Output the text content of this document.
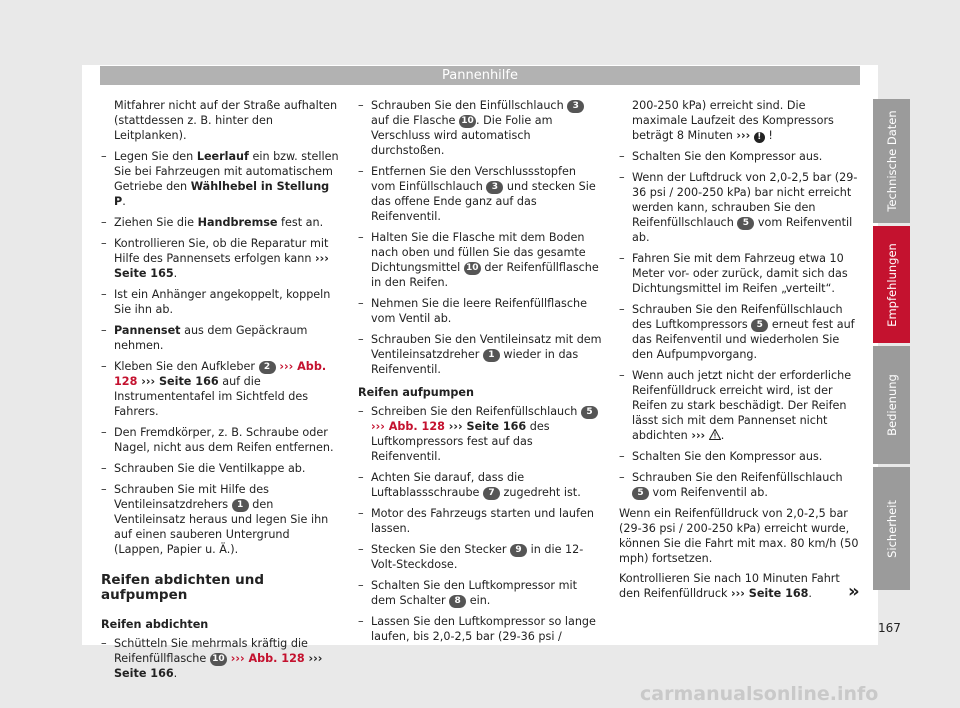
Pannenhilfe
Mitfahrer nicht auf der Straße aufhalten (stattdessen z. B. hinter den Leitplanken).
– Legen Sie den Leerlauf ein bzw. stellen Sie bei Fahrzeugen mit automatischem Getriebe den Wählhebel in Stellung P.
– Ziehen Sie die Handbremse fest an.
– Kontrollieren Sie, ob die Reparatur mit Hilfe des Pannensets erfolgen kann ››› Seite 165.
– Ist ein Anhänger angekoppelt, koppeln Sie ihn ab.
– Pannenset aus dem Gepäckraum nehmen.
– Kleben Sie den Aufkleber 2 ››› Abb. 128 ››› Seite 166 auf die Instrumententafel im Sichtfeld des Fahrers.
– Den Fremdkörper, z. B. Schraube oder Nagel, nicht aus dem Reifen entfernen.
– Schrauben Sie die Ventilkappe ab.
– Schrauben Sie mit Hilfe des Ventileinsatzdrehers 1 den Ventileinsatz heraus und legen Sie ihn auf einen sauberen Untergrund (Lappen, Papier u. Ä.).
Reifen abdichten und aufpumpen
Reifen abdichten
– Schütteln Sie mehrmals kräftig die Reifenfüllflasche 10 ››› Abb. 128 ››› Seite 166.
– Schrauben Sie den Einfüllschlauch 3 auf die Flasche 10 . Die Folie am Verschluss wird automatisch durchstoßen.
– Entfernen Sie den Verschlussstopfen vom Einfüllschlauch 3 und stecken Sie das offene Ende ganz auf das Reifenventil.
– Halten Sie die Flasche mit dem Boden nach oben und füllen Sie das gesamte Dichtungsmittel 10 der Reifenfüllflasche in den Reifen.
– Nehmen Sie die leere Reifenfüllflasche vom Ventil ab.
– Schrauben Sie den Ventileinsatz mit dem Ventileinsatzdreher 1 wieder in das Reifenventil.
Reifen aufpumpen
– Schreiben Sie den Reifenfüllschlauch 5
››› Abb. 128 ››› Seite 166 des Luftkompressors fest auf das Reifenventil.
– Achten Sie darauf, dass die Luftablassschraube 7 zugedreht ist.
– Motor des Fahrzeugs starten und laufen lassen.
– Stecken Sie den Stecker 9 in die 12-Volt-Steckdose.
– Schalten Sie den Luftkompressor mit dem Schalter 8 ein.
– Lassen Sie den Luftkompressor so lange laufen, bis 2,0-2,5 bar (29-36 psi /
200-250 kPa) erreicht sind. Die maximale Laufzeit des Kompressors beträgt 8 Minuten ››› ! !
– Schalten Sie den Kompressor aus.
– Wenn der Luftdruck von 2,0-2,5 bar (29-36 psi / 200-250 kPa) bar nicht erreicht werden kann, schrauben Sie den Reifenfüllschlauch 5 vom Reifenventil ab.
– Fahren Sie mit dem Fahrzeug etwa 10 Meter vor- oder zurück, damit sich das Dichtungsmittel im Reifen „verteilt“.
– Schrauben Sie den Reifenfüllschlauch des Luftkompressors 5 erneut fest auf das Reifenventil und wiederholen Sie den Aufpumpvorgang.
– Wenn auch jetzt nicht der erforderliche Reifenfülldruck erreicht wird, ist der Reifen zu stark beschädigt. Der Reifen lässt sich mit dem Pannenset nicht abdichten ››› .
– Schalten Sie den Kompressor aus.
– Schrauben Sie den Reifenfüllschlauch 5 vom Reifenventil ab.
Wenn ein Reifenfülldruck von 2,0-2,5 bar (29-36 psi / 200-250 kPa) erreicht wurde, können Sie die Fahrt mit max. 80 km/h (50 mph) fortsetzen.
Kontrollieren Sie nach 10 Minuten Fahrt den Reifenfülldruck ››› Seite 168.
Technische Daten
Empfehlungen
Bedienung
Sicherheit
»
167
carmanualsonline.info
